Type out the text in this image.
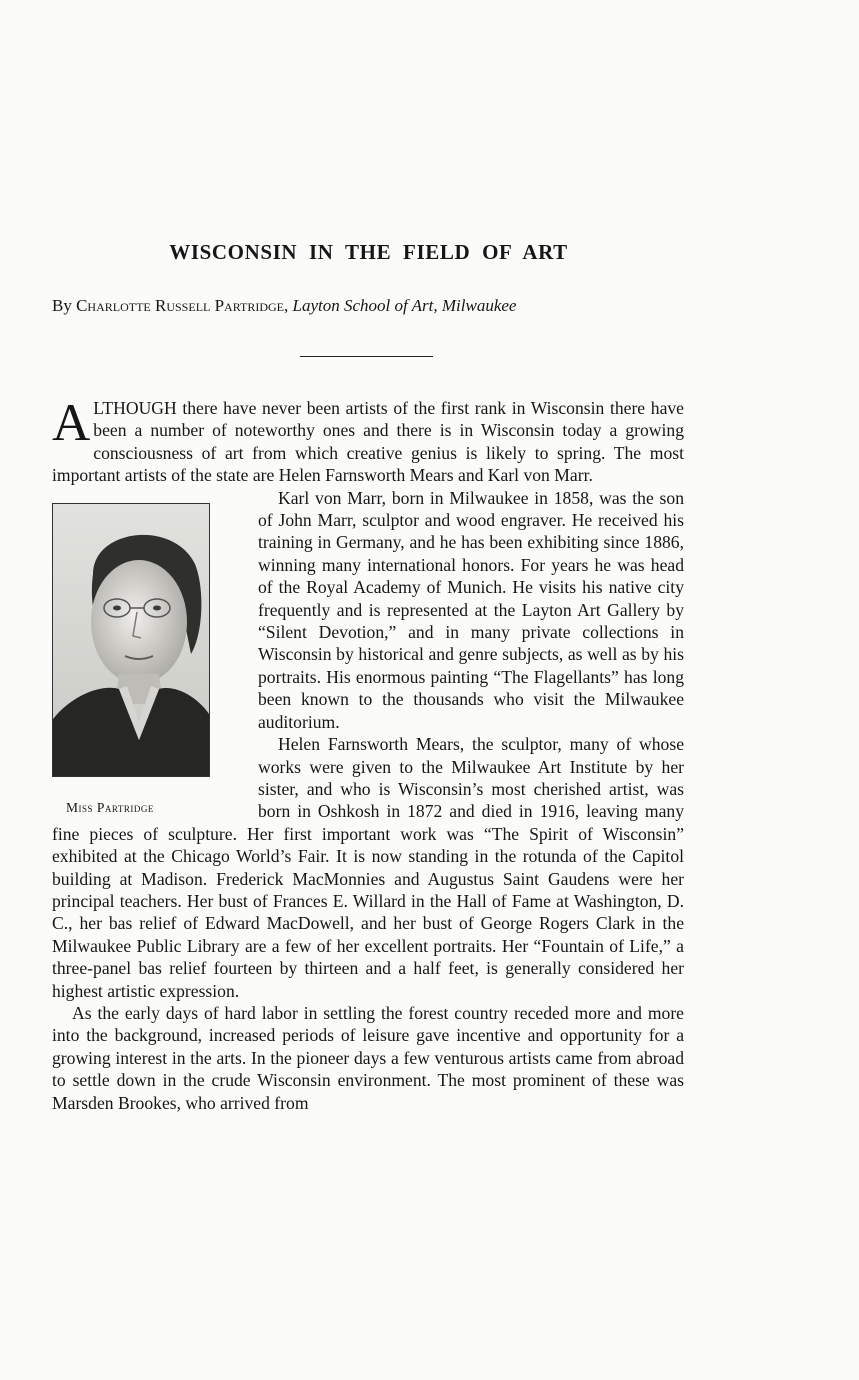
WISCONSIN IN THE FIELD OF ART
By Charlotte Russell Partridge, Layton School of Art, Milwaukee

ALTHOUGH there have never been artists of the first rank in Wisconsin there have been a number of noteworthy ones and there is in Wisconsin today a growing consciousness of art from which creative genius is likely to spring. The most important artists of the state are Helen Farnsworth Mears and Karl von Marr.

Miss Partridge

Karl von Marr, born in Milwaukee in 1858, was the son of John Marr, sculptor and wood engraver. He received his training in Germany, and he has been exhibiting since 1886, winning many international honors. For years he was head of the Royal Academy of Munich. He visits his native city frequently and is represented at the Layton Art Gallery by “Silent Devotion,” and in many private collections in Wisconsin by historical and genre subjects, as well as by his portraits. His enormous painting “The Flagellants” has long been known to the thousands who visit the Milwaukee auditorium.

Helen Farnsworth Mears, the sculptor, many of whose works were given to the Milwaukee Art Institute by her sister, and who is Wisconsin’s most cherished artist, was born in Oshkosh in 1872 and died in 1916, leaving many fine pieces of sculpture. Her first important work was “The Spirit of Wisconsin” exhibited at the Chicago World’s Fair. It is now standing in the rotunda of the Capitol building at Madison. Frederick MacMonnies and Augustus Saint Gaudens were her principal teachers. Her bust of Frances E. Willard in the Hall of Fame at Washington, D. C., her bas relief of Edward MacDowell, and her bust of George Rogers Clark in the Milwaukee Public Library are a few of her excellent portraits. Her “Fountain of Life,” a three-panel bas relief fourteen by thirteen and a half feet, is generally considered her highest artistic expression.

As the early days of hard labor in settling the forest country receded more and more into the background, increased periods of leisure gave incentive and opportunity for a growing interest in the arts. In the pioneer days a few venturous artists came from abroad to settle down in the crude Wisconsin environment. The most prominent of these was Marsden Brookes, who arrived from
